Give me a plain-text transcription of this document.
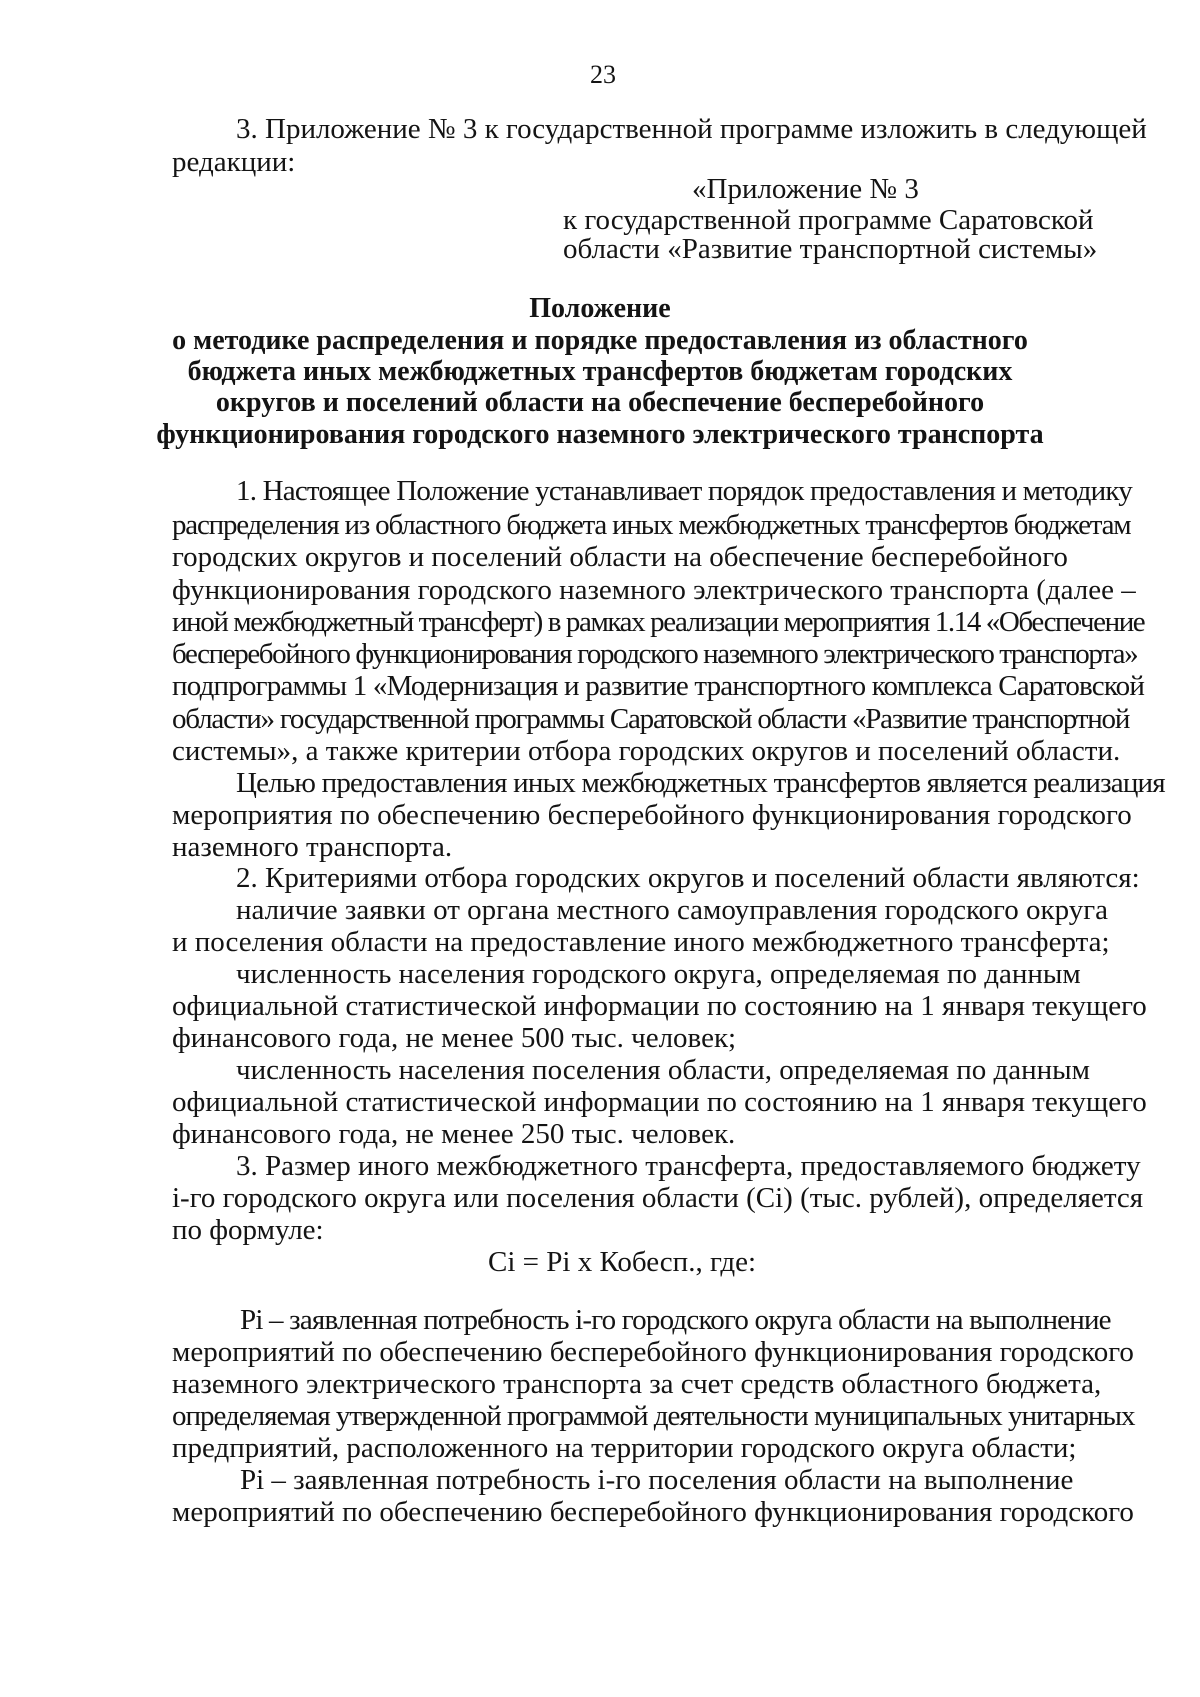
23
3. Приложение № 3 к государственной программе изложить в следующей
редакции:
«Приложение № 3
к государственной программе Саратовской
области «Развитие транспортной системы»
Положение
о методике распределения и порядке предоставления из областного
бюджета иных межбюджетных трансфертов бюджетам городских
округов и поселений области на обеспечение бесперебойного
функционирования городского наземного электрического транспорта
1. Настоящее Положение устанавливает порядок предоставления и методику
распределения из областного бюджета иных межбюджетных трансфертов бюджетам
городских округов и поселений области на обеспечение бесперебойного
функционирования городского наземного электрического транспорта (далее –
иной межбюджетный трансферт) в рамках реализации мероприятия 1.14 «Обеспечение
бесперебойного функционирования городского наземного электрического транспорта»
подпрограммы 1 «Модернизация и развитие транспортного комплекса Саратовской
области» государственной программы Саратовской области «Развитие транспортной
системы», а также критерии отбора городских округов и поселений области.
Целью предоставления иных межбюджетных трансфертов является реализация
мероприятия по обеспечению бесперебойного функционирования городского
наземного транспорта.
2. Критериями отбора городских округов и поселений области являются:
наличие заявки от органа местного самоуправления городского округа
и поселения области на предоставление иного межбюджетного трансферта;
численность населения городского округа, определяемая по данным
официальной статистической информации по состоянию на 1 января текущего
финансового года, не менее 500 тыс. человек;
численность населения поселения области, определяемая по данным
официальной статистической информации по состоянию на 1 января текущего
финансового года, не менее 250 тыс. человек.
3. Размер иного межбюджетного трансферта, предоставляемого бюджету
i-го городского округа или поселения области (Сi) (тыс. рублей), определяется
по формуле:
Сi = Рi х Кобесп., где:
Рi – заявленная потребность i-го городского округа области на выполнение
мероприятий по обеспечению бесперебойного функционирования городского
наземного электрического транспорта за счет средств областного бюджета,
определяемая утвержденной программой деятельности муниципальных унитарных
предприятий, расположенного на территории городского округа области;
Рi – заявленная потребность i-го поселения области на выполнение
мероприятий по обеспечению бесперебойного функционирования городского
